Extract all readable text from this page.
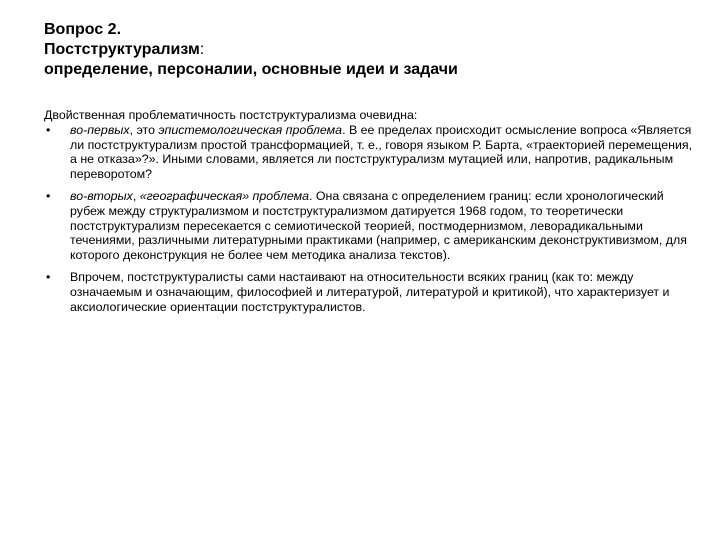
Вопрос 2.
Постструктурализм:
определение, персоналии, основные идеи и задачи
Двойственная проблематичность постструктурализма очевидна:
• во-первых, это эпистемологическая проблема. В ее пределах происходит осмысление вопроса «Является ли постструктурализм простой трансформацией, т. е., говоря языком Р. Барта, «траекторией перемещения, а не отказа»?». Иными словами, является ли постструктурализм мутацией или, напротив, радикальным переворотом?
• во-вторых, «географическая» проблема. Она связана с определением границ: если хронологический рубеж между структурализмом и постструктурализмом датируется 1968 годом, то теоретически постструктурализм пересекается с семиотической теорией, постмодернизмом, леворадикальными течениями, различными литературными практиками (например, с американским деконструктивизмом, для которого деконструкция не более чем методика анализа текстов).
• Впрочем, постструктуралисты сами настаивают на относительности всяких границ (как то: между означаемым и означающим, философией и литературой, литературой и критикой), что характеризует и аксиологические ориентации постструктуралистов.
